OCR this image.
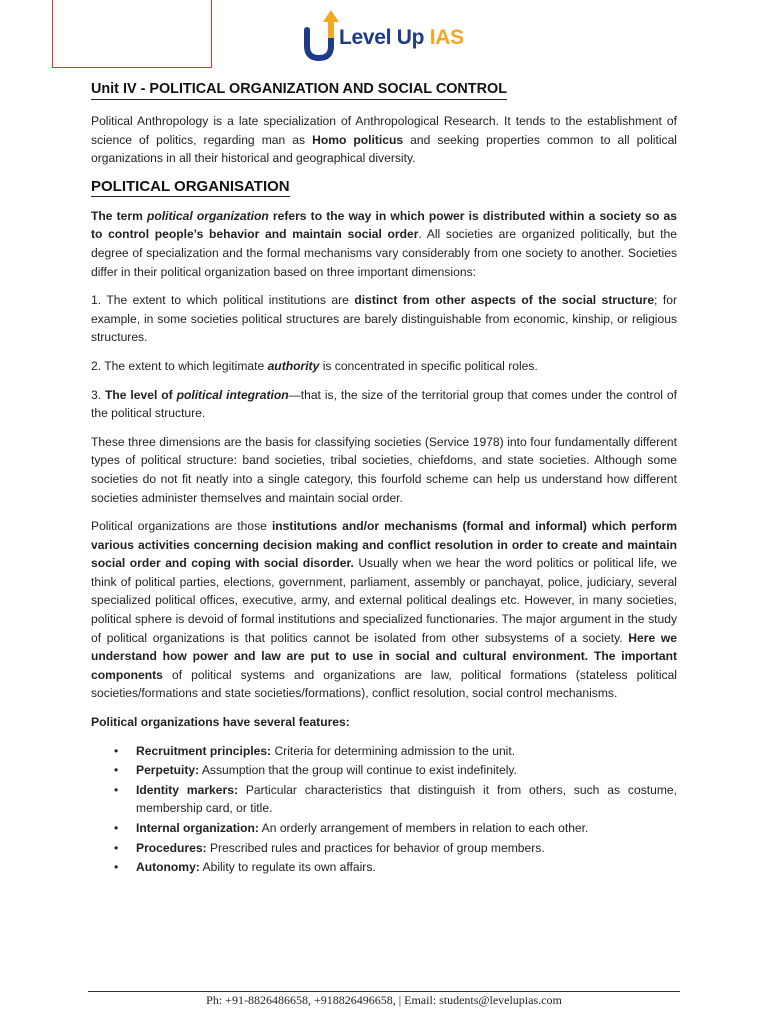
Level Up IAS
Unit IV - POLITICAL ORGANIZATION AND SOCIAL CONTROL

Political Anthropology is a late specialization of Anthropological Research. It tends to the establishment of science of politics, regarding man as Homo politicus and seeking properties common to all political organizations in all their historical and geographical diversity.

POLITICAL ORGANISATION

The term political organization refers to the way in which power is distributed within a society so as to control people’s behavior and maintain social order. All societies are organized politically, but the degree of specialization and the formal mechanisms vary considerably from one society to another. Societies differ in their political organization based on three important dimensions:

1. The extent to which political institutions are distinct from other aspects of the social structure; for example, in some societies political structures are barely distinguishable from economic, kinship, or religious structures.

2. The extent to which legitimate authority is concentrated in specific political roles.

3. The level of political integration—that is, the size of the territorial group that comes under the control of the political structure.

These three dimensions are the basis for classifying societies (Service 1978) into four fundamentally different types of political structure: band societies, tribal societies, chiefdoms, and state societies. Although some societies do not fit neatly into a single category, this fourfold scheme can help us understand how different societies administer themselves and maintain social order.

Political organizations are those institutions and/or mechanisms (formal and informal) which perform various activities concerning decision making and conflict resolution in order to create and maintain social order and coping with social disorder. Usually when we hear the word politics or political life, we think of political parties, elections, government, parliament, assembly or panchayat, police, judiciary, several specialized political offices, executive, army, and external political dealings etc. However, in many societies, political sphere is devoid of formal institutions and specialized functionaries. The major argument in the study of political organizations is that politics cannot be isolated from other subsystems of a society. Here we understand how power and law are put to use in social and cultural environment. The important components of political systems and organizations are law, political formations (stateless political societies/formations and state societies/formations), conflict resolution, social control mechanisms.

Political organizations have several features:

• Recruitment principles: Criteria for determining admission to the unit.
• Perpetuity: Assumption that the group will continue to exist indefinitely.
• Identity markers: Particular characteristics that distinguish it from others, such as costume, membership card, or title.
• Internal organization: An orderly arrangement of members in relation to each other.
• Procedures: Prescribed rules and practices for behavior of group members.
• Autonomy: Ability to regulate its own affairs.
Ph: +91-8826486658, +918826496658, | Email: students@levelupias.com
